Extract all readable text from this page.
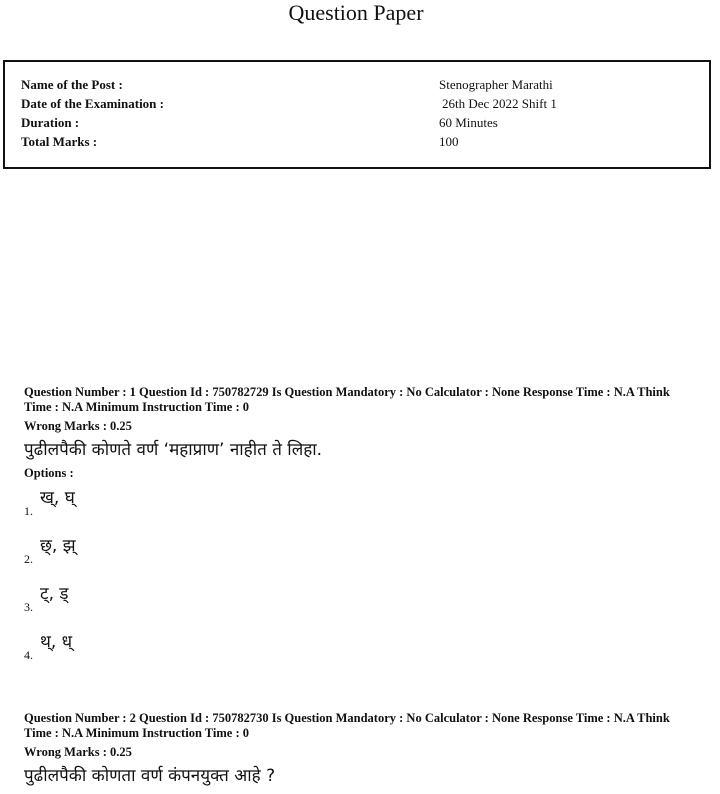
Question Paper
Name of the Post :	Stenographer Marathi
Date of the Examination :	26th Dec 2022 Shift 1
Duration :	60 Minutes
Total Marks :	100
Question Number : 1 Question Id : 750782729 Is Question Mandatory : No Calculator : None Response Time : N.A Think
Time : N.A Minimum Instruction Time : 0
Wrong Marks : 0.25
पुढीलपैकी कोणते वर्ण ‘महाप्राण’ नाहीत ते लिहा.
Options :
1.
ख्, घ्
2.
छ्, झ्
3.
ट्, ड्
4.
थ्, ध्
Question Number : 2 Question Id : 750782730 Is Question Mandatory : No Calculator : None Response Time : N.A Think
Time : N.A Minimum Instruction Time : 0
Wrong Marks : 0.25
पुढीलपैकी कोणता वर्ण कंपनयुक्त आहे ?
